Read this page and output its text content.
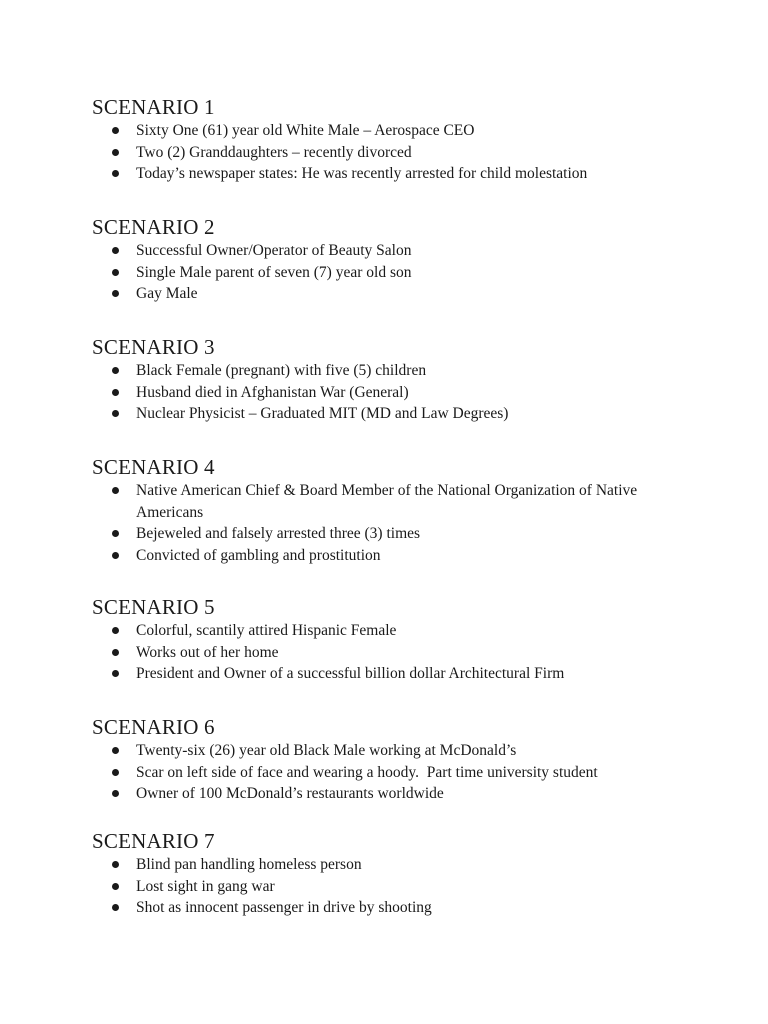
SCENARIO 1
Sixty One (61) year old White Male – Aerospace CEO
Two (2) Granddaughters – recently divorced
Today’s newspaper states: He was recently arrested for child molestation
SCENARIO 2
Successful Owner/Operator of Beauty Salon
Single Male parent of seven (7) year old son
Gay Male
SCENARIO 3
Black Female (pregnant) with five (5) children
Husband died in Afghanistan War (General)
Nuclear Physicist – Graduated MIT (MD and Law Degrees)
SCENARIO 4
Native American Chief & Board Member of the National Organization of Native Americans
Bejeweled and falsely arrested three (3) times
Convicted of gambling and prostitution
SCENARIO 5
Colorful, scantily attired Hispanic Female
Works out of her home
President and Owner of a successful billion dollar Architectural Firm
SCENARIO 6
Twenty-six (26) year old Black Male working at McDonald’s
Scar on left side of face and wearing a hoody.  Part time university student
Owner of 100 McDonald’s restaurants worldwide
SCENARIO 7
Blind pan handling homeless person
Lost sight in gang war
Shot as innocent passenger in drive by shooting
